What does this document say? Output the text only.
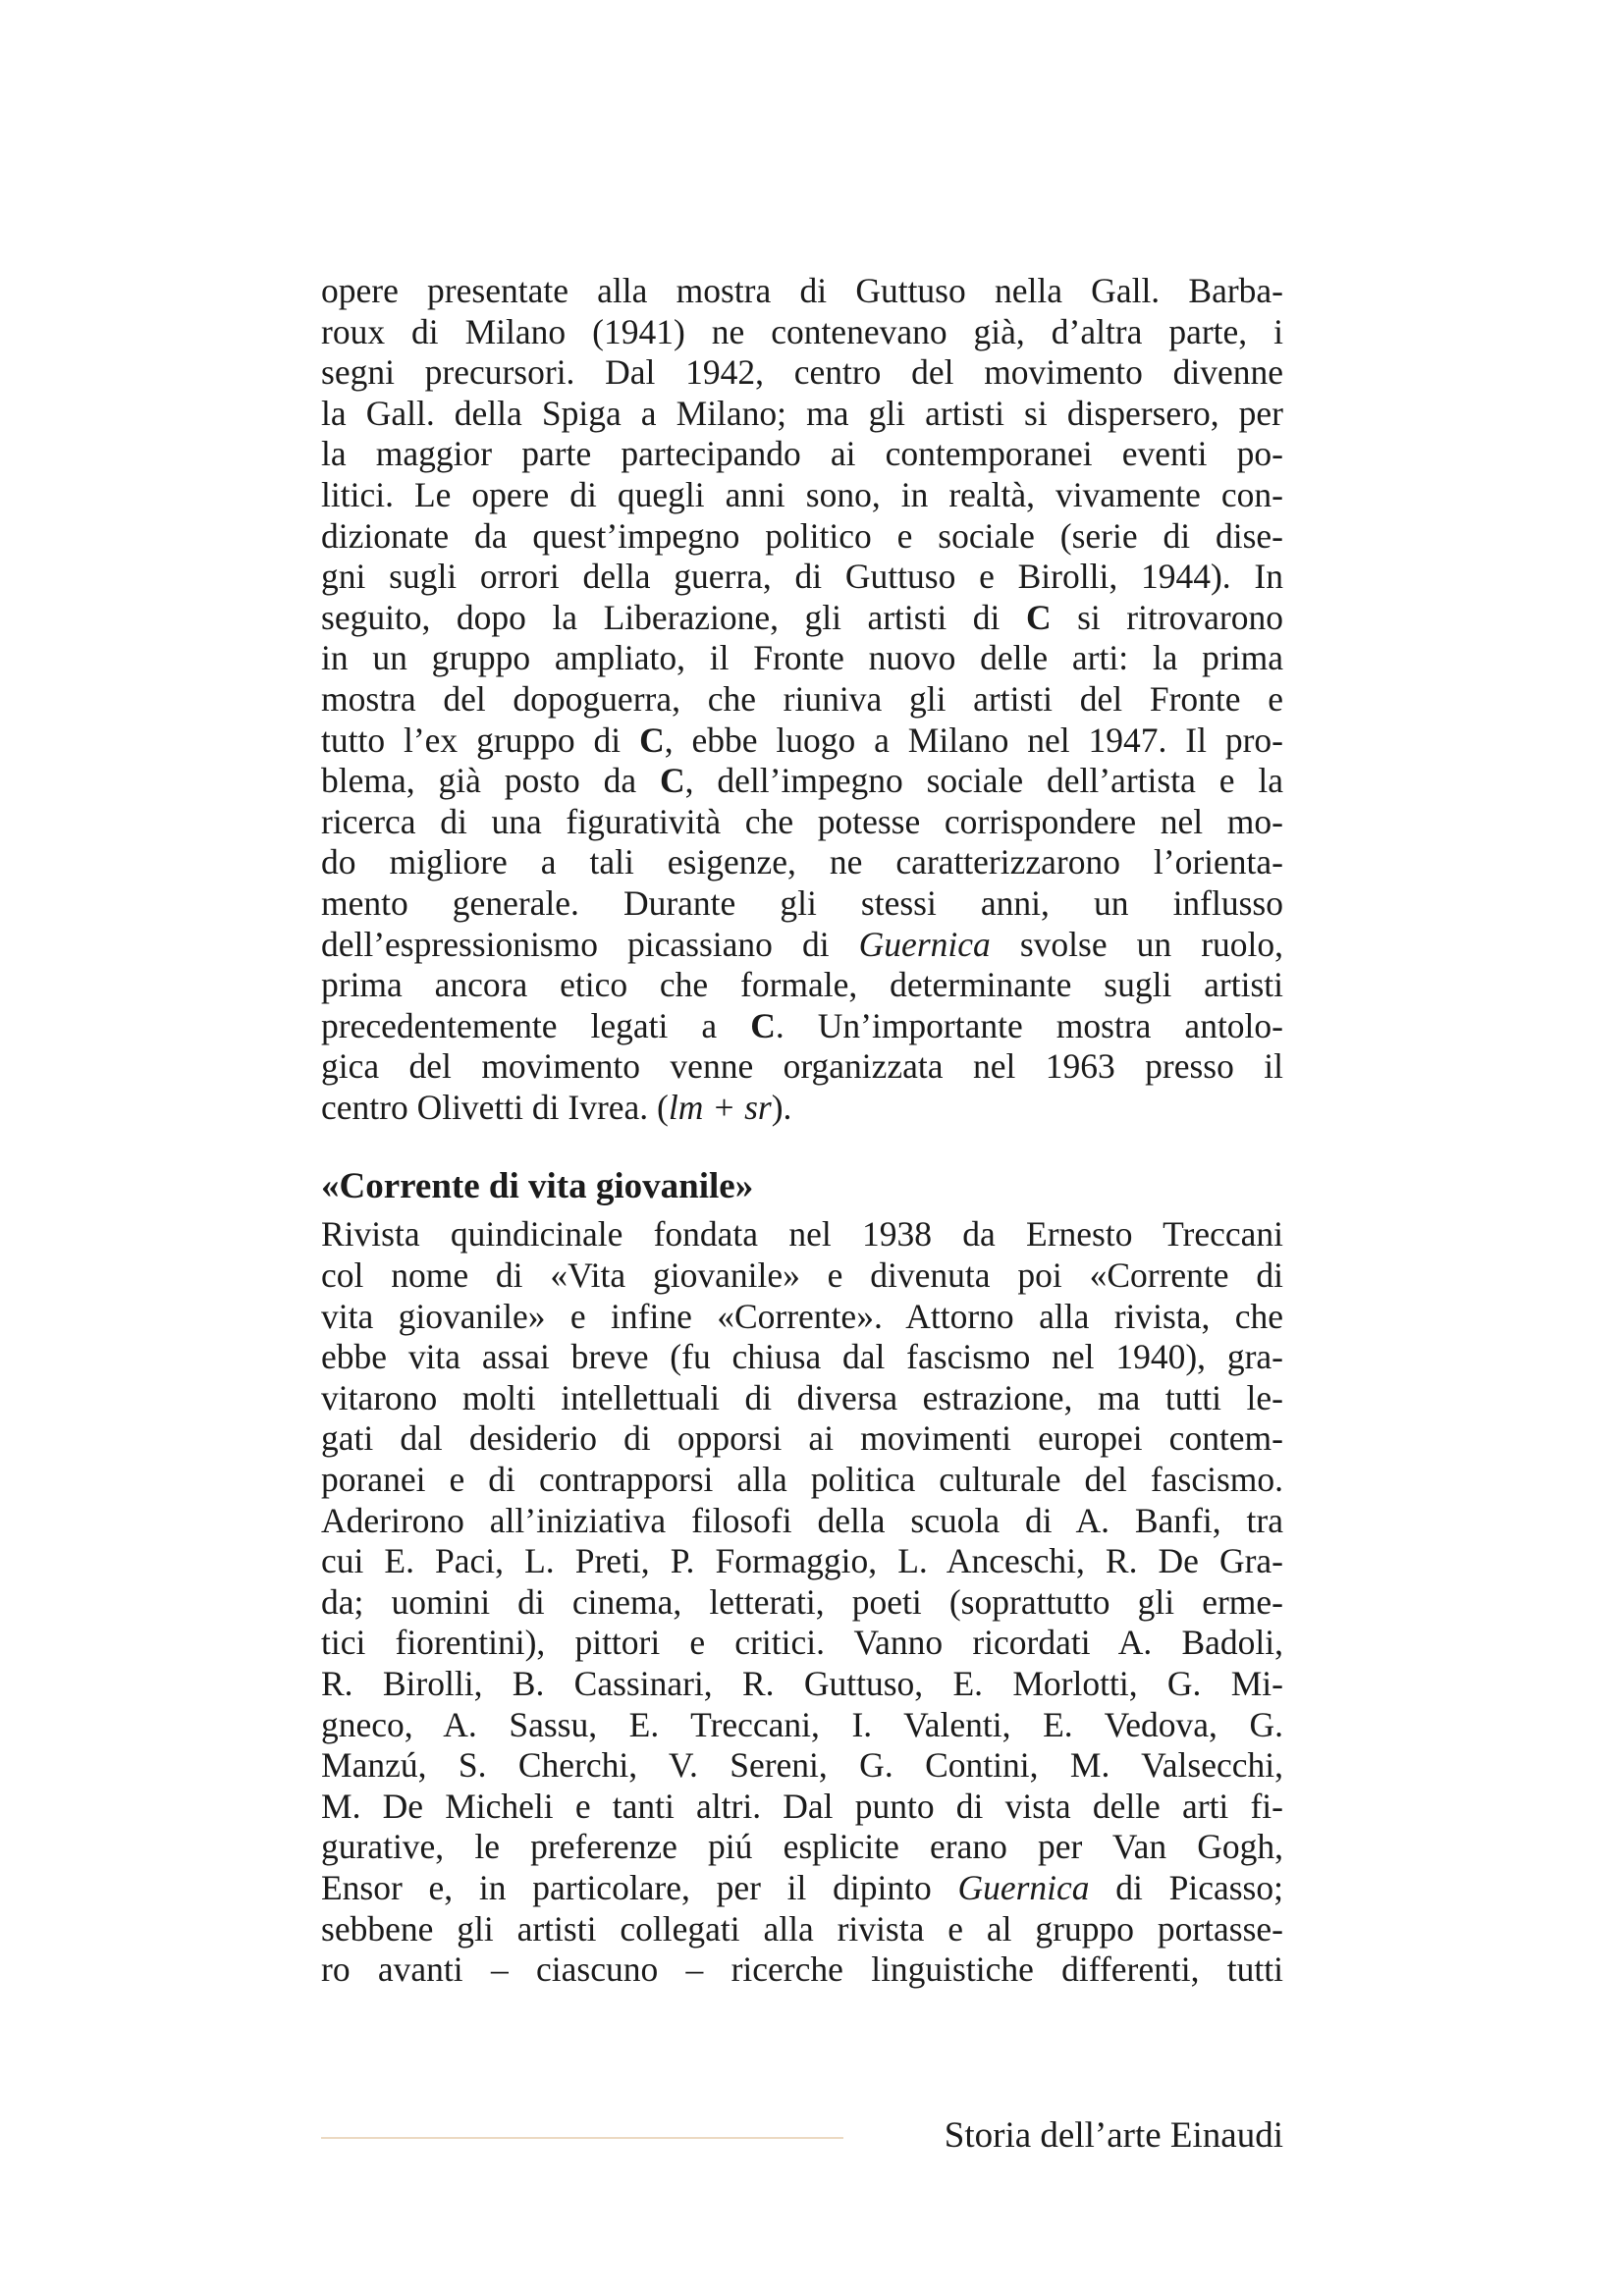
opere presentate alla mostra di Guttuso nella Gall. Barba-
roux di Milano (1941) ne contenevano già, d’altra parte, i
segni precursori. Dal 1942, centro del movimento divenne
la Gall. della Spiga a Milano; ma gli artisti si dispersero, per
la maggior parte partecipando ai contemporanei eventi po-
litici. Le opere di quegli anni sono, in realtà, vivamente con-
dizionate da quest’impegno politico e sociale (serie di dise-
gni sugli orrori della guerra, di Guttuso e Birolli, 1944). In
seguito, dopo la Liberazione, gli artisti di C si ritrovarono
in un gruppo ampliato, il Fronte nuovo delle arti: la prima
mostra del dopoguerra, che riuniva gli artisti del Fronte e
tutto l’ex gruppo di C, ebbe luogo a Milano nel 1947. Il pro-
blema, già posto da C, dell’impegno sociale dell’artista e la
ricerca di una figuratività che potesse corrispondere nel mo-
do migliore a tali esigenze, ne caratterizzarono l’orienta-
mento generale. Durante gli stessi anni, un influsso
dell’espressionismo picassiano di Guernica svolse un ruolo,
prima ancora etico che formale, determinante sugli artisti
precedentemente legati a C. Un’importante mostra antolo-
gica del movimento venne organizzata nel 1963 presso il
centro Olivetti di Ivrea. (lm + sr).

«Corrente di vita giovanile»

Rivista quindicinale fondata nel 1938 da Ernesto Treccani
col nome di «Vita giovanile» e divenuta poi «Corrente di
vita giovanile» e infine «Corrente». Attorno alla rivista, che
ebbe vita assai breve (fu chiusa dal fascismo nel 1940), gra-
vitarono molti intellettuali di diversa estrazione, ma tutti le-
gati dal desiderio di opporsi ai movimenti europei contem-
poranei e di contrapporsi alla politica culturale del fascismo.
Aderirono all’iniziativa filosofi della scuola di A. Banfi, tra
cui E. Paci, L. Preti, P. Formaggio, L. Anceschi, R. De Gra-
da; uomini di cinema, letterati, poeti (soprattutto gli erme-
tici fiorentini), pittori e critici. Vanno ricordati A. Badoli,
R. Birolli, B. Cassinari, R. Guttuso, E. Morlotti, G. Mi-
gneco, A. Sassu, E. Treccani, I. Valenti, E. Vedova, G.
Manzú, S. Cherchi, V. Sereni, G. Contini, M. Valsecchi,
M. De Micheli e tanti altri. Dal punto di vista delle arti fi-
gurative, le preferenze piú esplicite erano per Van Gogh,
Ensor e, in particolare, per il dipinto Guernica di Picasso;
sebbene gli artisti collegati alla rivista e al gruppo portasse-
ro avanti – ciascuno – ricerche linguistiche differenti, tutti

Storia dell’arte Einaudi
